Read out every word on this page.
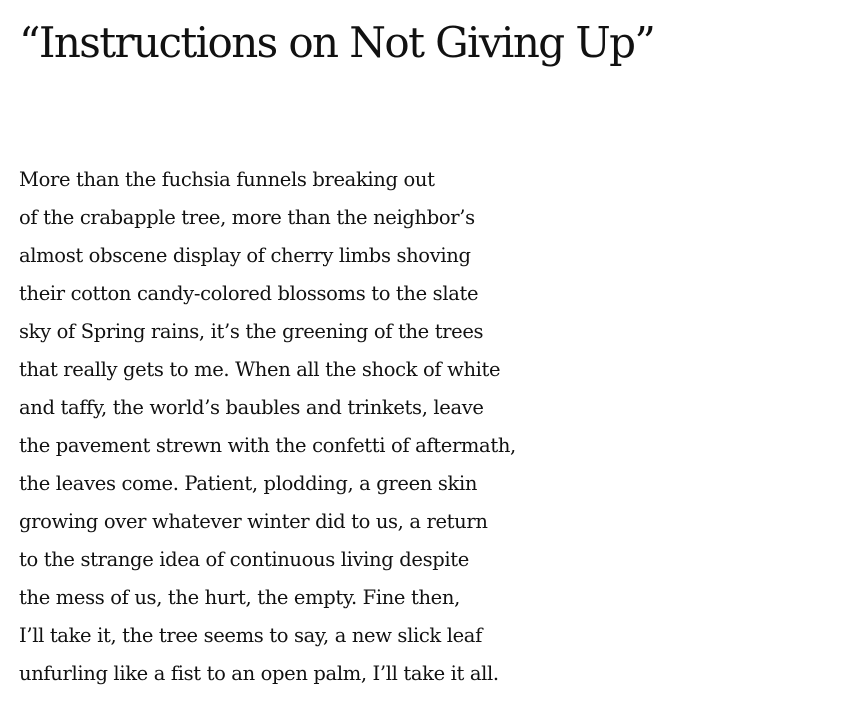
“Instructions on Not Giving Up”
More than the fuchsia funnels breaking out
of the crabapple tree, more than the neighbor’s
almost obscene display of cherry limbs shoving
their cotton candy-colored blossoms to the slate
sky of Spring rains, it’s the greening of the trees
that really gets to me. When all the shock of white
and taffy, the world’s baubles and trinkets, leave
the pavement strewn with the confetti of aftermath,
the leaves come. Patient, plodding, a green skin
growing over whatever winter did to us, a return
to the strange idea of continuous living despite
the mess of us, the hurt, the empty. Fine then,
I’ll take it, the tree seems to say, a new slick leaf
unfurling like a fist to an open palm, I’ll take it all.
